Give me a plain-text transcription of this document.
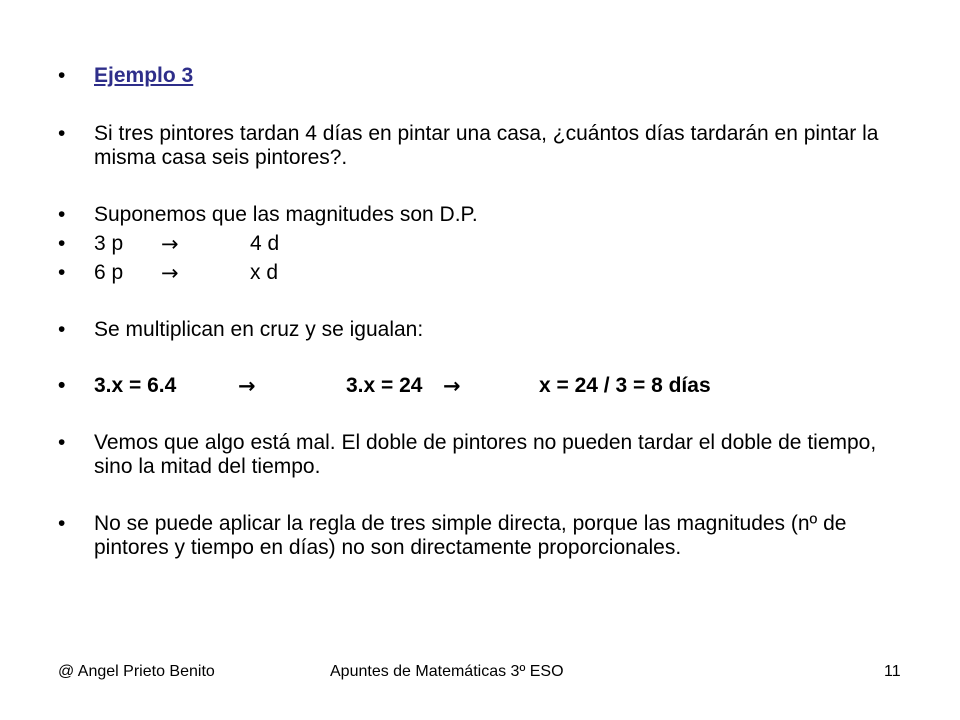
• Ejemplo 3
• Si tres pintores tardan 4 días en pintar una casa, ¿cuántos días tardarán en pintar la misma casa seis pintores?.
• Suponemos que las magnitudes son D.P.
• 3 p →	4 d
• 6 p →	x d
• Se multiplican en cruz y se igualan:
• 3.x = 6.4	→	3.x = 24 →	x = 24 / 3 = 8 días
• Vemos que algo está mal. El doble de pintores no pueden tardar el doble de tiempo, sino la mitad del tiempo.
• No se puede aplicar la regla de tres simple directa, porque las magnitudes (nº de pintores y tiempo en días) no son directamente proporcionales.
@ Angel Prieto Benito	Apuntes de Matemáticas 3º ESO	11
